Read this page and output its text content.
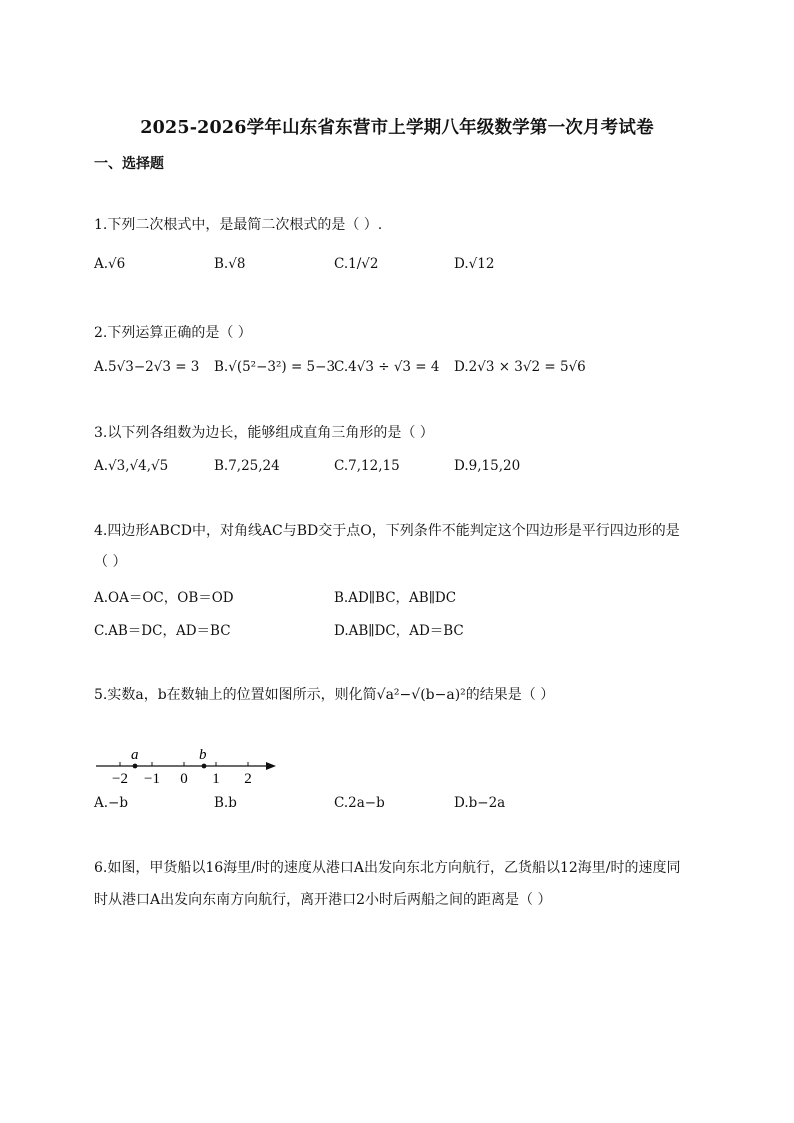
2025-2026学年山东省东营市上学期八年级数学第一次月考试卷
一、选择题
1.下列二次根式中，是最简二次根式的是（ ）.
A.√6	B.√8	C.1/√2	D.√12
2.下列运算正确的是（ ）
A.5√3−2√3 = 3 B.√(5²−3²) = 5−3
C.4√3 ÷ √3 = 4 D.2√3 × 3√2 = 5√6
3.以下列各组数为边长，能够组成直角三角形的是（ ）
A.√3,√4,√5	B.7,25,24	C.7,12,15	D.9,15,20
4.四边形ABCD中，对角线AC与BD交于点O，下列条件不能判定这个四边形是平行四边形的是
（ ）
A.OA＝OC，OB＝OD	B.AD∥BC，AB∥DC
C.AB＝DC，AD＝BC	D.AB∥DC，AD＝BC
5.实数a，b在数轴上的位置如图所示，则化简√a²−√(b−a)²的结果是（ ）
a	b
−2 −1 0 1 2
A.−b	B.b	C.2a−b	D.b−2a
6.如图，甲货船以16海里/时的速度从港口A出发向东北方向航行，乙货船以12海里/时的速度同
时从港口A出发向东南方向航行，离开港口2小时后两船之间的距离是（ ）
